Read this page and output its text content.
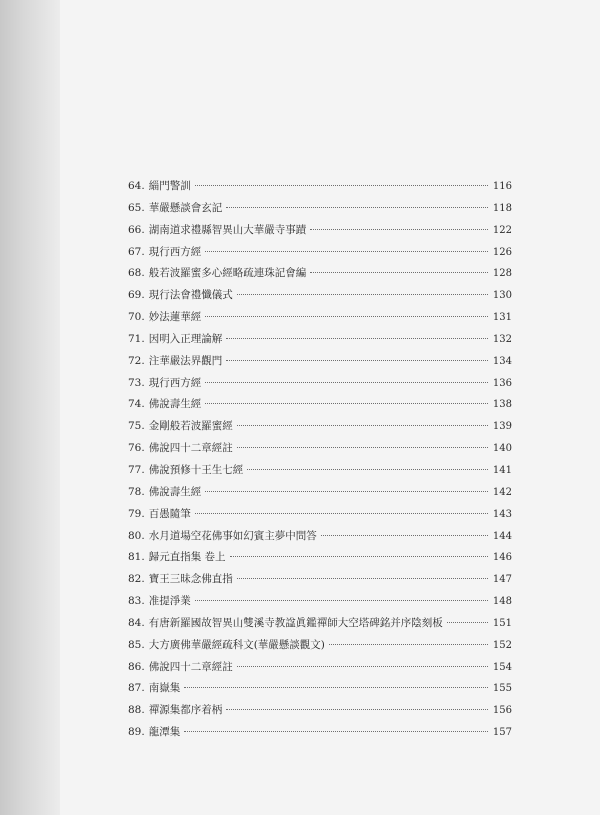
64. 緇門警訓	116
65. 華嚴懸談會玄記	118
66. 湖南道求禮縣智異山大華嚴寺事蹟	122
67. 現行西方經	126
68. 般若波羅蜜多心經略疏連珠記會編	128
69. 現行法會禮懺儀式	130
70. 妙法蓮華經	131
71. 因明入正理論解	132
72. 注華嚴法界觀門	134
73. 現行西方經	136
74. 佛說壽生經	138
75. 金剛般若波羅蜜經	139
76. 佛說四十二章經註	140
77. 佛說預修十王生七經	141
78. 佛說壽生經	142
79. 百愚隨筆	143
80. 水月道場空花佛事如幻賓主夢中問答	144
81. 歸元直指集 卷上	146
82. 寶王三昧念佛直指	147
83. 准提淨業	148
84. 有唐新羅國故智異山雙溪寺教諡眞鑑禪師大空塔碑銘并序陰刻板	151
85. 大方廣佛華嚴經疏科文(華嚴懸談觀文)	152
86. 佛說四十二章經註	154
87. 南嶽集	155
88. 禪源集都序着柄	156
89. 龍潭集	157
